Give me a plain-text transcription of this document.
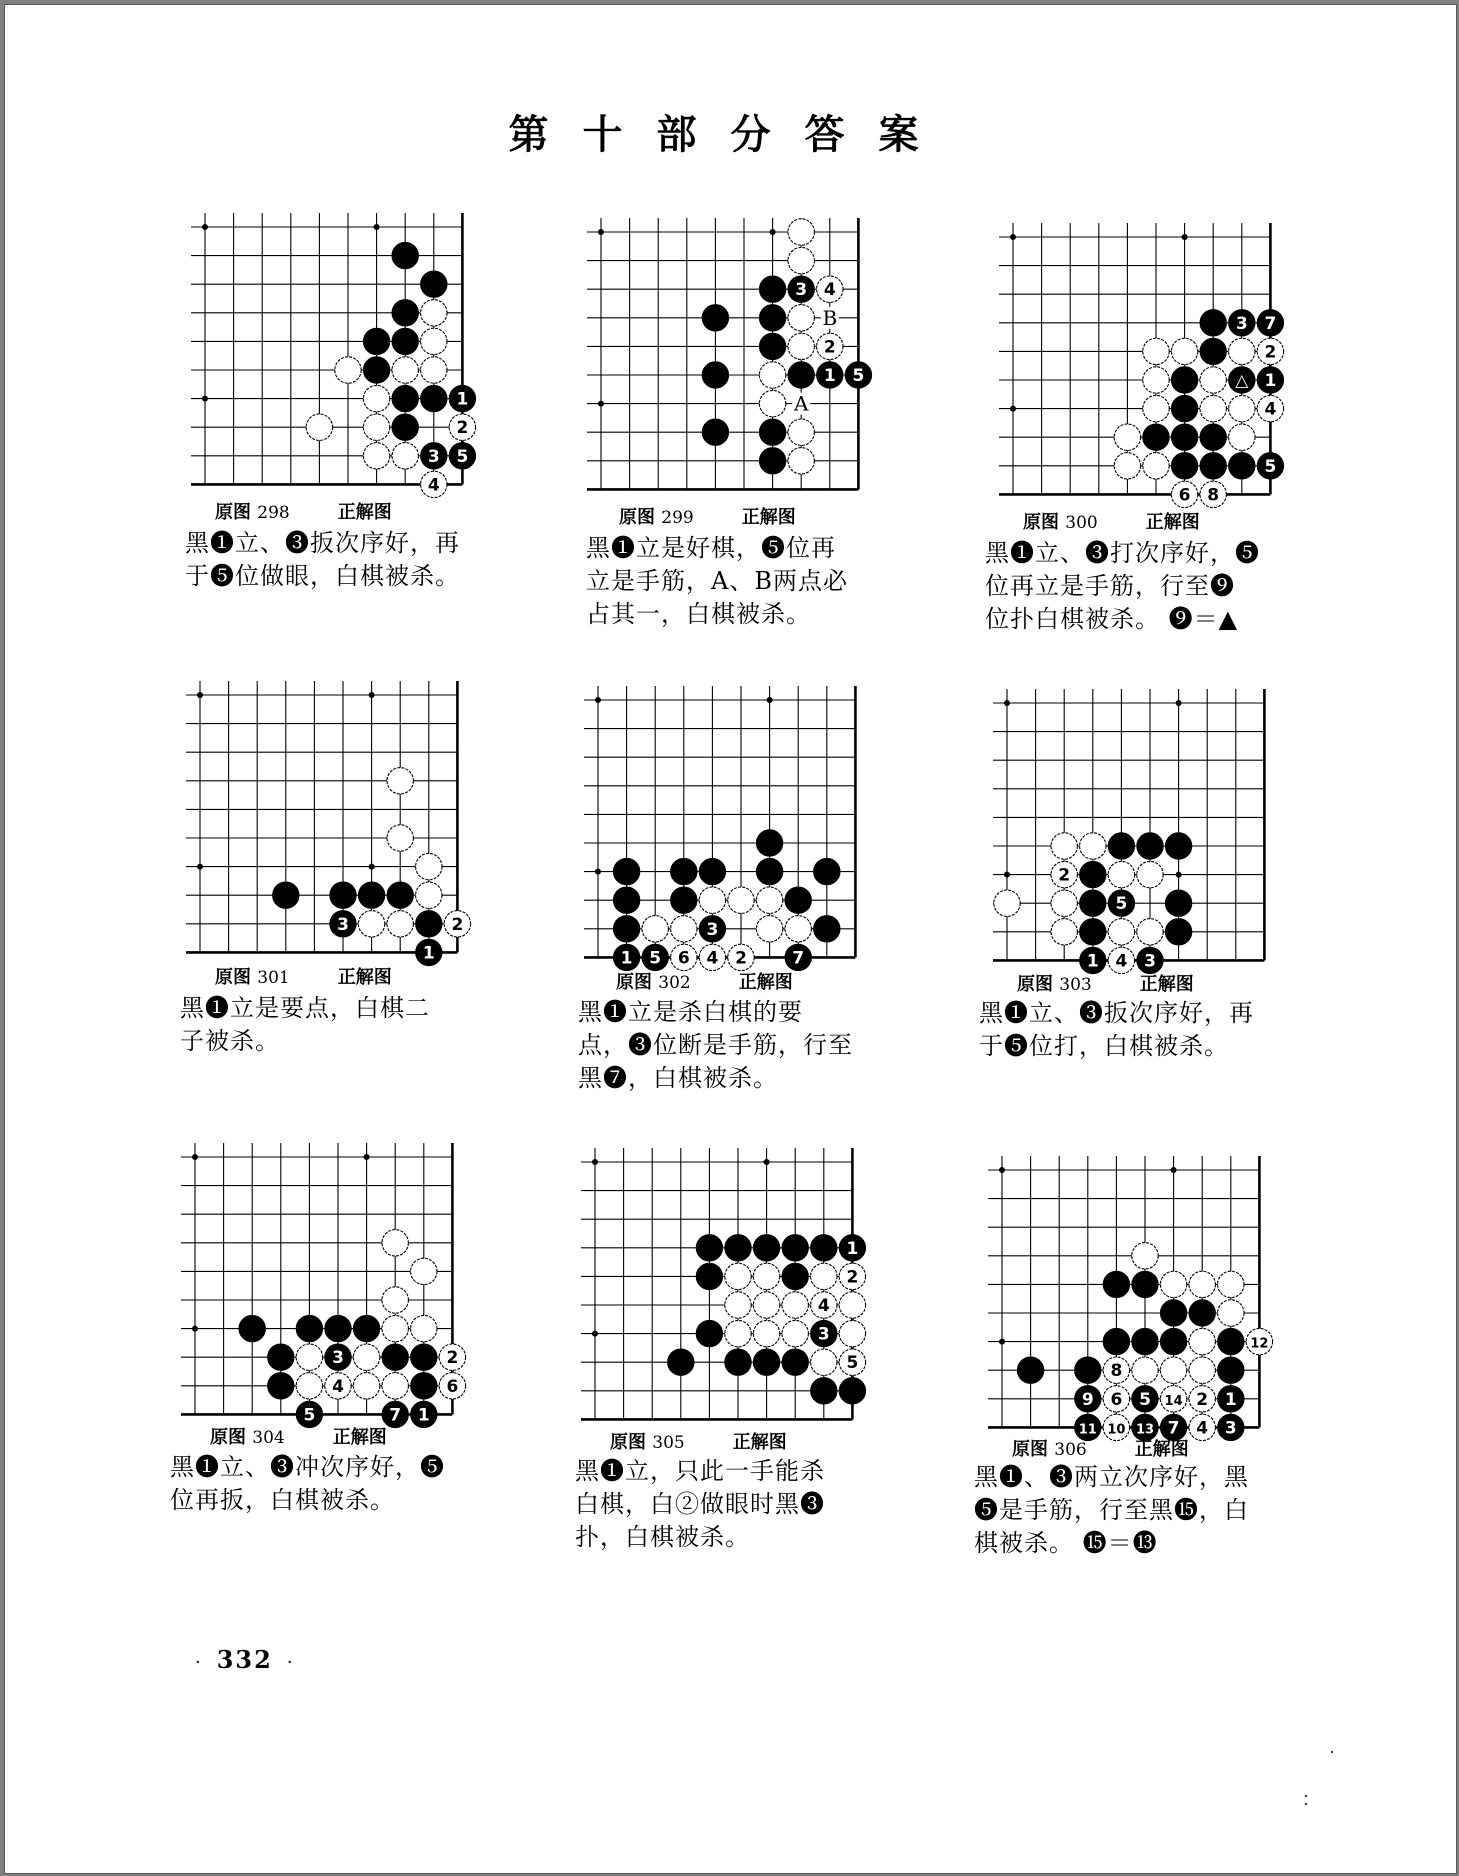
第十部分答案
1
2
3 5
4
原图 298	正解图
黑❶立、❸扳次序好，再
于❺位做眼，白棋被杀。
3 4
2
1 5
B
A
原图 299	正解图
黑❶立是好棋，❺位再
立是手筋，A、B两点必
占其一，白棋被杀。
3 7
2
△ 1
4
5
6 8
原图 300	正解图
黑❶立、❸打次序好，❺
位再立是手筋，行至❾
位扑白棋被杀。 ❾＝▲
3	2
1
原图 301	正解图
黑❶立是要点，白棋二
子被杀。
3
1 5 6 4 2	7
原图 302	正解图
黑❶立是杀白棋的要
点，❸位断是手筋，行至
黑❼，白棋被杀。
2
5
1 4 3
原图 303	正解图
黑❶立、❸扳次序好，再
于❺位打，白棋被杀。
3	2
4	6
5	7 1
原图 304	正解图
黑❶立、❸冲次序好，❺
位再扳，白棋被杀。
1
2
4
3
5
原图 305	正解图
黑❶立，只此一手能杀
白棋，白②做眼时黑❸
扑，白棋被杀。
12
8
9 6 5 14 2 1
11 10 13 7 4 3
原图 306	正解图
黑❶、❸两立次序好，黑
❺是手筋，行至黑⓯，白
棋被杀。 ⓯＝⓭
· 332 ·
